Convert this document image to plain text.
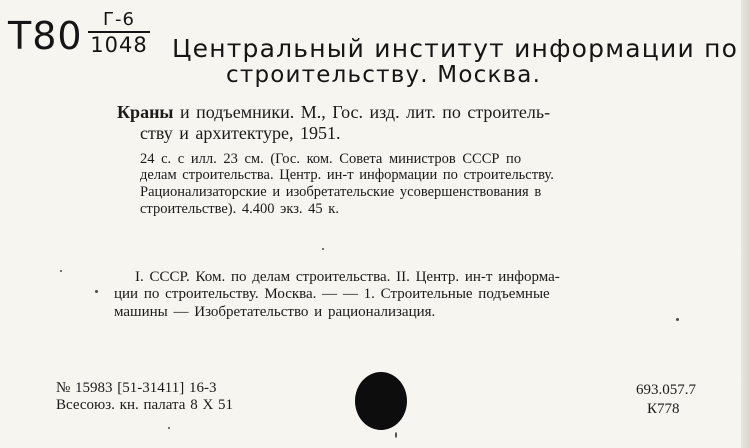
Т80	Г-6
1048 Центральный институт информации по
строительству. Москва.
Краны и подъемники. М., Гос. изд. лит. по строитель-
ству и архитектуре, 1951.
24 с. с илл. 23 см. (Гос. ком. Совета министров СССР по
делам строительства. Центр. ин-т информации по строительству.
Рационализаторские и изобретательские усовершенствования в
строительстве). 4.400 экз. 45 к.
I. СССР. Ком. по делам строительства. II. Центр. ин-т информа-
ции по строительству. Москва. — — 1. Строительные подъемные
машины — Изобретательство и рационализация.
№ 15983 [51-31411] 16-3
Всесоюз. кн. палата 8 Х 51
693.057.7
К778
